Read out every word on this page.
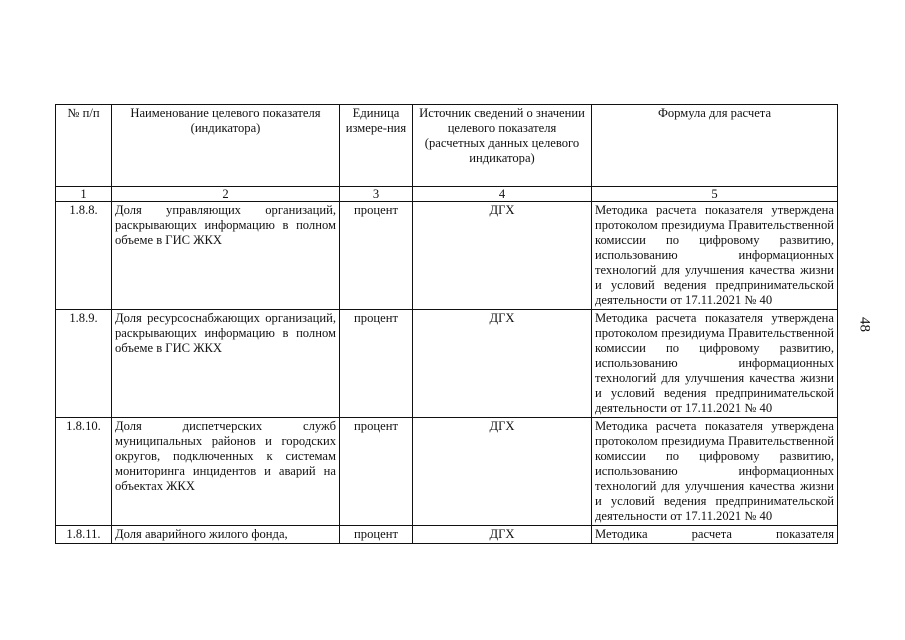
48
№ п/п	Наименование целевого показателя (индикатора)	Единица измере-ния	Источник сведений о значении целевого показателя (расчетных данных целевого индикатора)	Формула для расчета
1	2	3	4	5
1.8.8.	Доля управляющих организаций, раскрывающих информацию в полном объеме в ГИС ЖКХ	процент	ДГХ	Методика расчета показателя утверждена протоколом президиума Правительственной комиссии по цифровому развитию, использованию информационных технологий для улучшения качества жизни и условий ведения предпринимательской
деятельности от 17.11.2021 № 40

1.8.9.	Доля ресурсоснабжающих организаций, раскрывающих информацию в полном объеме в ГИС ЖКХ	процент	ДГХ	Методика расчета показателя утверждена протоколом президиума Правительственной комиссии по цифровому развитию, использованию информационных технологий для улучшения качества жизни и условий ведения предпринимательской
деятельности от 17.11.2021 № 40

1.8.10.	Доля диспетчерских служб муниципальных районов и городских округов, подключенных к системам мониторинга инцидентов и аварий на объектах ЖКХ	процент	ДГХ	Методика расчета показателя утверждена протоколом президиума Правительственной комиссии по цифровому развитию, использованию информационных технологий для улучшения качества жизни и условий ведения предпринимательской
деятельности от 17.11.2021 № 40

1.8.11.	Доля аварийного жилого фонда,	процент	ДГХ	Методика расчета показателя
